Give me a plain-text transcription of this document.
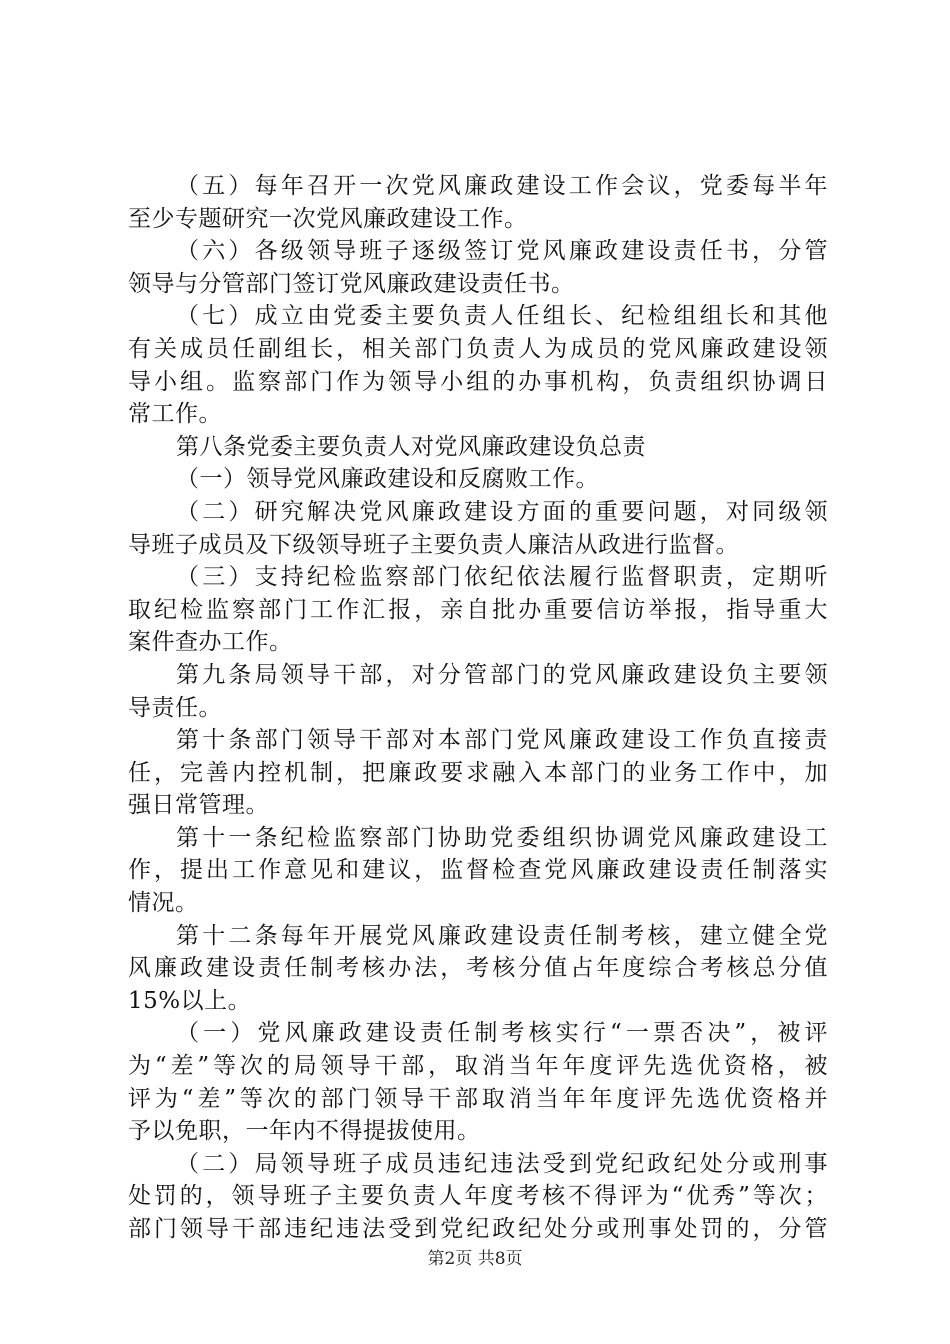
（五）每年召开一次党风廉政建设工作会议，党委每半年
至少专题研究一次党风廉政建设工作。
（六）各级领导班子逐级签订党风廉政建设责任书，分管
领导与分管部门签订党风廉政建设责任书。
（七）成立由党委主要负责人任组长、纪检组组长和其他
有关成员任副组长，相关部门负责人为成员的党风廉政建设领
导小组。监察部门作为领导小组的办事机构，负责组织协调日
常工作。
第八条党委主要负责人对党风廉政建设负总责
（一）领导党风廉政建设和反腐败工作。
（二）研究解决党风廉政建设方面的重要问题，对同级领
导班子成员及下级领导班子主要负责人廉洁从政进行监督。
（三）支持纪检监察部门依纪依法履行监督职责，定期听
取纪检监察部门工作汇报，亲自批办重要信访举报，指导重大
案件查办工作。
第九条局领导干部，对分管部门的党风廉政建设负主要领
导责任。
第十条部门领导干部对本部门党风廉政建设工作负直接责
任，完善内控机制，把廉政要求融入本部门的业务工作中，加
强日常管理。
第十一条纪检监察部门协助党委组织协调党风廉政建设工
作，提出工作意见和建议，监督检查党风廉政建设责任制落实
情况。
第十二条每年开展党风廉政建设责任制考核，建立健全党
风廉政建设责任制考核办法，考核分值占年度综合考核总分值
15%以上。
（一）党风廉政建设责任制考核实行“一票否决”，被评
为“差”等次的局领导干部，取消当年年度评先选优资格，被
评为“差”等次的部门领导干部取消当年年度评先选优资格并
予以免职，一年内不得提拔使用。
（二）局领导班子成员违纪违法受到党纪政纪处分或刑事
处罚的，领导班子主要负责人年度考核不得评为“优秀”等次；
部门领导干部违纪违法受到党纪政纪处分或刑事处罚的，分管
第2页 共8页
